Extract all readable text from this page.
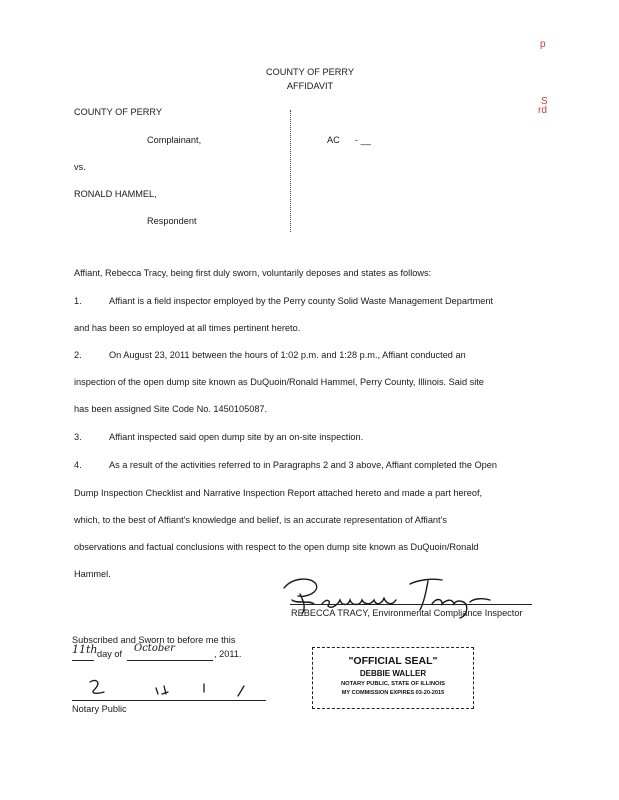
p
S
rd
COUNTY OF PERRY
AFFIDAVIT
COUNTY OF PERRY
Complainant,
vs.
RONALD HAMMEL,
Respondent
AC - __
Affiant, Rebecca Tracy, being first duly sworn, voluntarily deposes and states as follows:
1.	Affiant is a field inspector employed by the Perry county Solid Waste Management Department
and has been so employed at all times pertinent hereto.
2.	On August 23, 2011 between the hours of 1:02 p.m. and 1:28 p.m., Affiant conducted an
inspection of the open dump site known as DuQuoin/Ronald Hammel, Perry County, Illinois. Said site
has been assigned Site Code No. 1450105087.
3.	Affiant inspected said open dump site by an on-site inspection.
4.	As a result of the activities referred to in Paragraphs 2 and 3 above, Affiant completed the Open
Dump Inspection Checklist and Narrative Inspection Report attached hereto and made a part hereof,
which, to the best of Affiant's knowledge and belief, is an accurate representation of Affiant's
observations and factual conclusions with respect to the open dump site known as DuQuoin/Ronald
Hammel.
REBECCA TRACY, Environmental Compliance Inspector
Subscribed and Sworn to before me this
11th day of October	, 2011.
Notary Public
"OFFICIAL SEAL"
DEBBIE WALLER
NOTARY PUBLIC, STATE OF ILLINOIS
MY COMMISSION EXPIRES 03-20-2015
